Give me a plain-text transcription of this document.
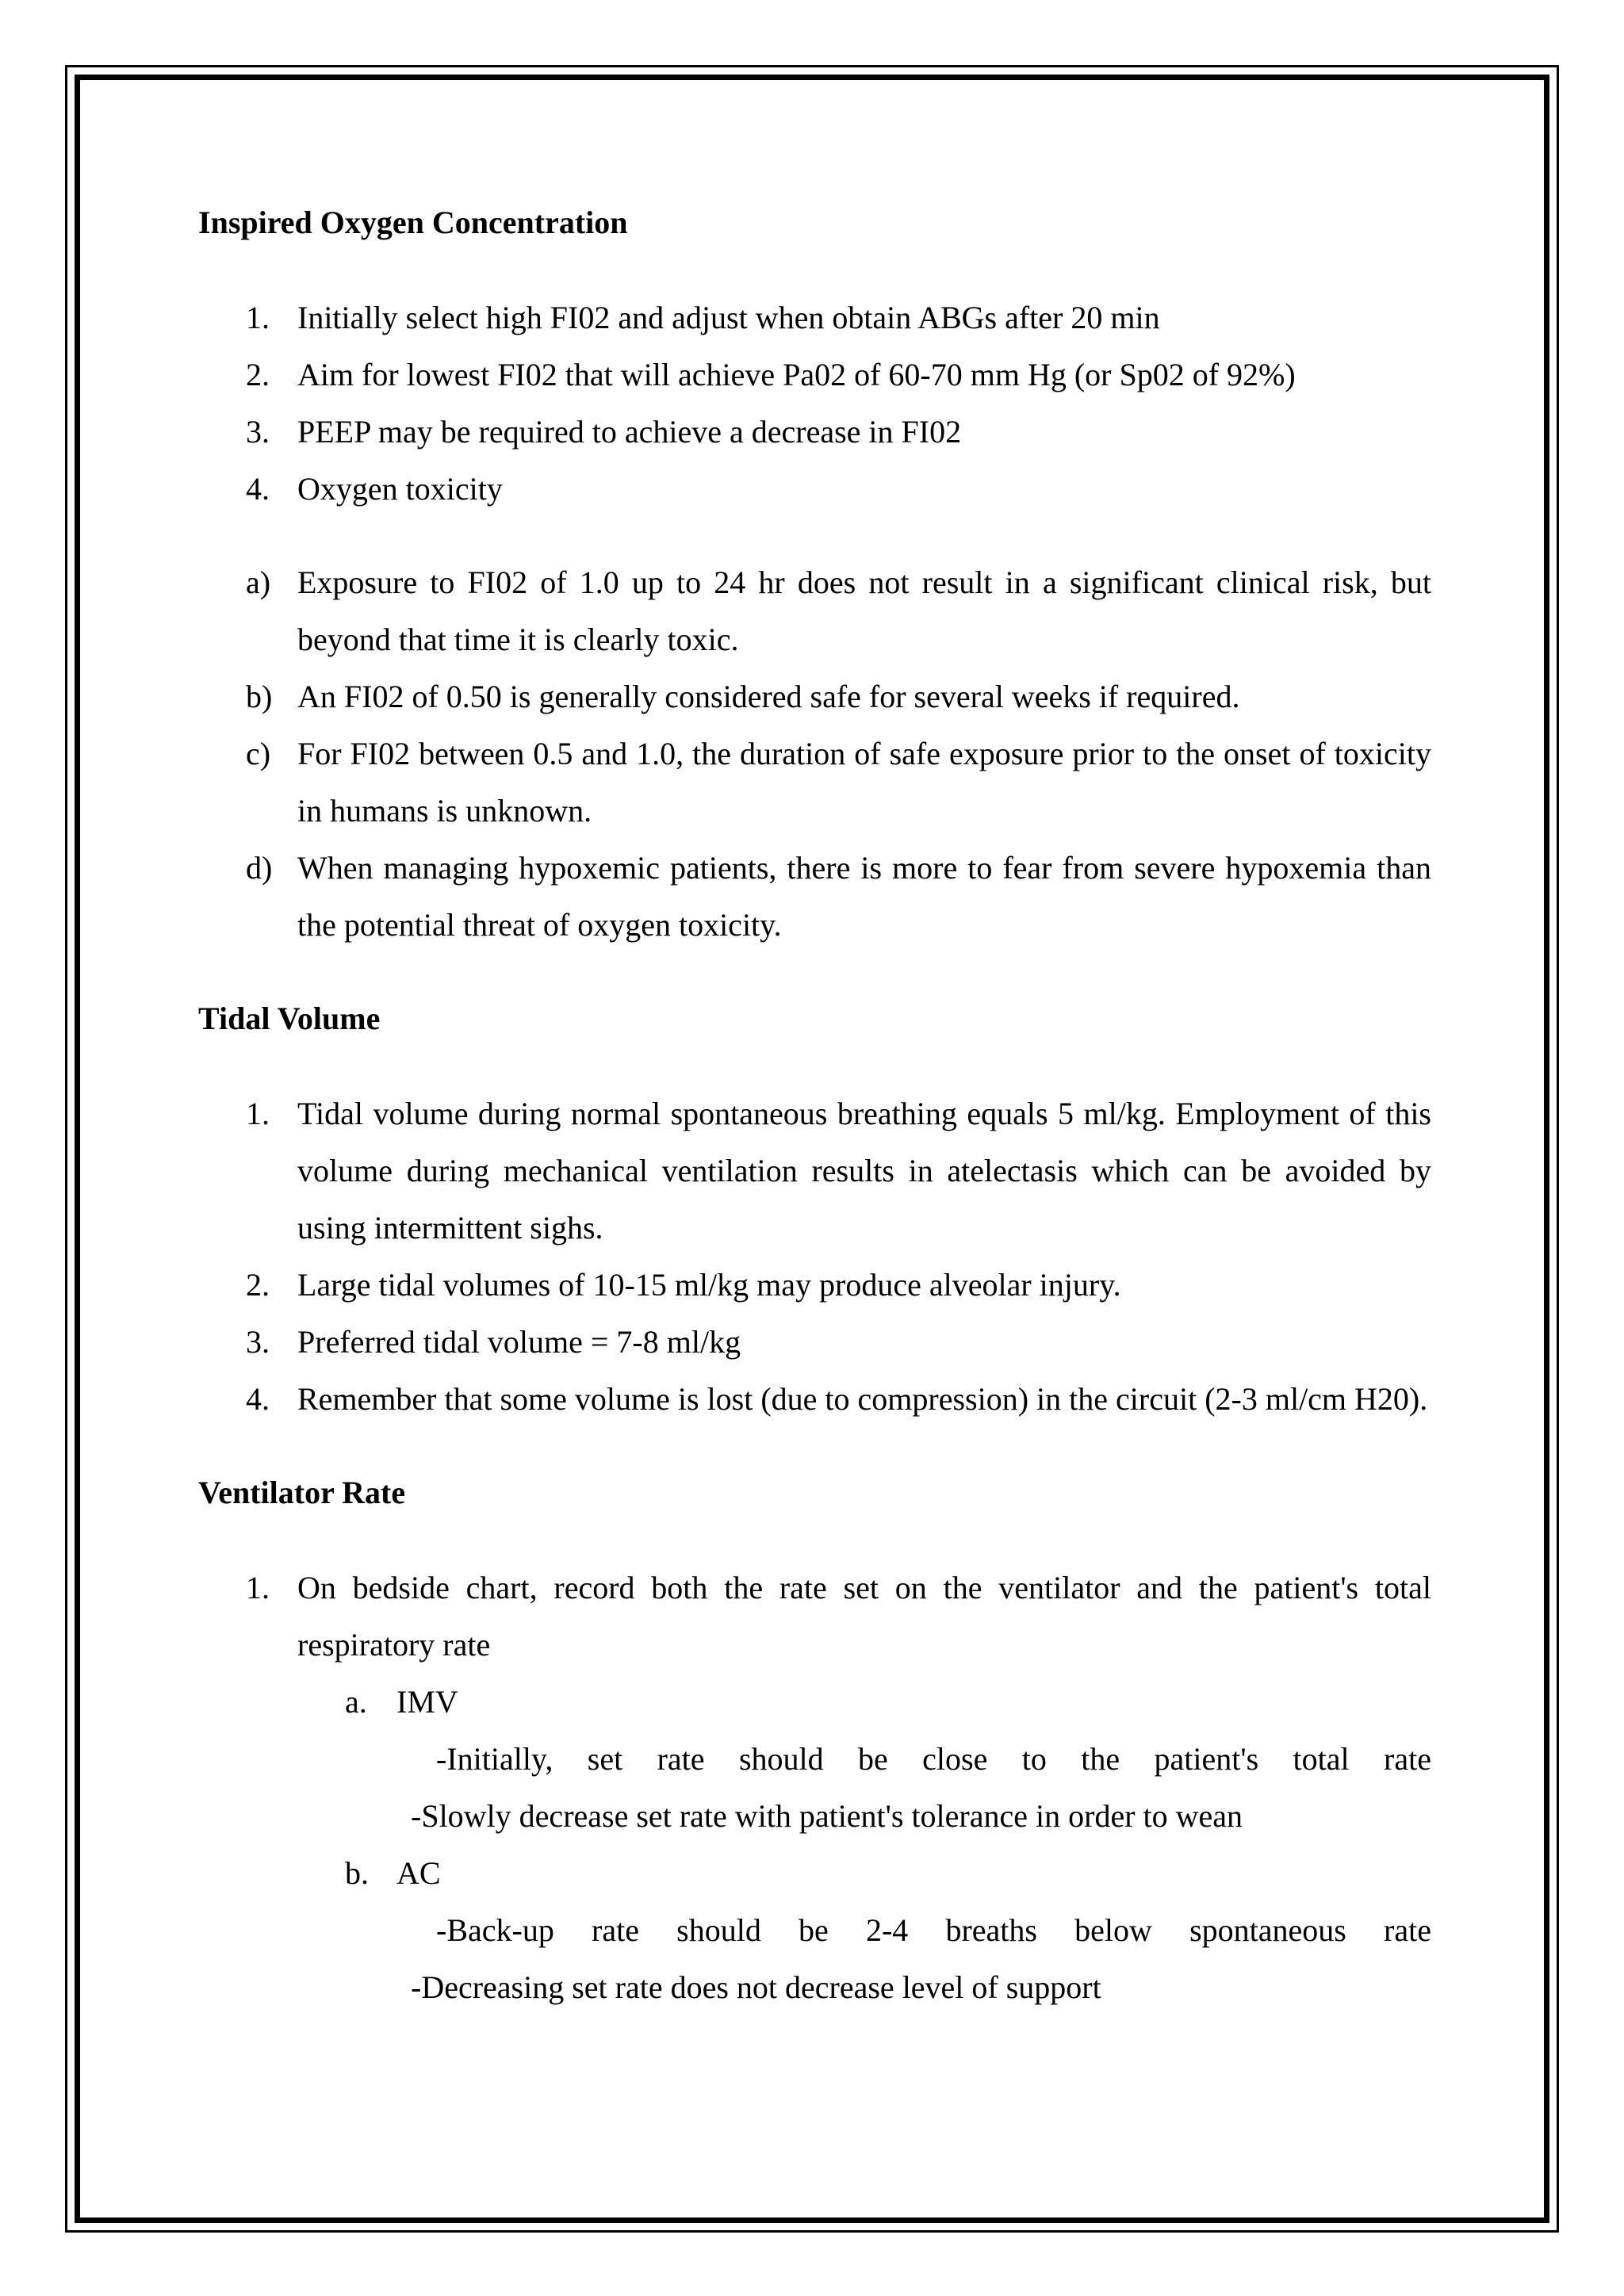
Inspired Oxygen Concentration
1. Initially select high FI02 and adjust when obtain ABGs after 20 min
2. Aim for lowest FI02 that will achieve Pa02 of 60-70 mm Hg (or Sp02 of 92%)
3. PEEP may be required to achieve a decrease in FI02
4. Oxygen toxicity
a) Exposure to FI02 of 1.0 up to 24 hr does not result in a significant clinical risk, but beyond that time it is clearly toxic.
b) An FI02 of 0.50 is generally considered safe for several weeks if required.
c) For FI02 between 0.5 and 1.0, the duration of safe exposure prior to the onset of toxicity in humans is unknown.
d) When managing hypoxemic patients, there is more to fear from severe hypoxemia than the potential threat of oxygen toxicity.
Tidal Volume
1. Tidal volume during normal spontaneous breathing equals 5 ml/kg. Employment of this volume during mechanical ventilation results in atelectasis which can be avoided by using intermittent sighs.
2. Large tidal volumes of 10-15 ml/kg may produce alveolar injury.
3. Preferred tidal volume = 7-8 ml/kg
4. Remember that some volume is lost (due to compression) in the circuit (2-3 ml/cm H20).
Ventilator Rate
1. On bedside chart, record both the rate set on the ventilator and the patient's total respiratory rate
a. IMV
-Initially, set rate should be close to the patient's total rate
-Slowly decrease set rate with patient's tolerance in order to wean
b. AC
-Back-up rate should be 2-4 breaths below spontaneous rate
-Decreasing set rate does not decrease level of support
